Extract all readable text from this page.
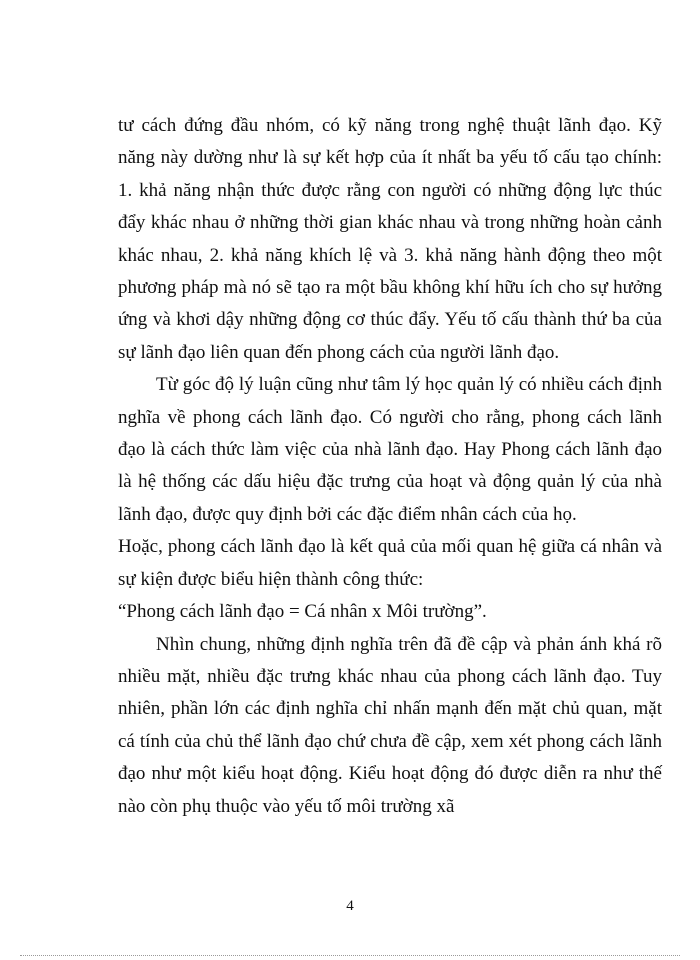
tư cách đứng đầu nhóm, có kỹ năng trong nghệ thuật lãnh đạo. Kỹ năng này dường như là sự kết hợp của ít nhất ba yếu tố cấu tạo chính: 1. khả năng nhận thức được rằng con người có những động lực thúc đẩy khác nhau ở những thời gian khác nhau và trong những hoàn cảnh khác nhau, 2. khả năng khích lệ và 3. khả năng hành động theo một phương pháp mà nó sẽ tạo ra một bầu không khí hữu ích cho sự hưởng ứng và khơi dậy những động cơ thúc đẩy. Yếu tố cấu thành thứ ba của sự lãnh đạo liên quan đến phong cách của người lãnh đạo.

Từ góc độ lý luận cũng như tâm lý học quản lý có nhiều cách định nghĩa về phong cách lãnh đạo. Có người cho rằng, phong cách lãnh đạo là cách thức làm việc của nhà lãnh đạo. Hay Phong cách lãnh đạo là hệ thống các dấu hiệu đặc trưng của hoạt và động quản lý của nhà lãnh đạo, được quy định bởi các đặc điểm nhân cách của họ.

Hoặc, phong cách lãnh đạo là kết quả của mối quan hệ giữa cá nhân và sự kiện được biểu hiện thành công thức:

“Phong cách lãnh đạo = Cá nhân x Môi trường”.

Nhìn chung, những định nghĩa trên đã đề cập và phản ánh khá rõ nhiều mặt, nhiều đặc trưng khác nhau của phong cách lãnh đạo. Tuy nhiên, phần lớn các định nghĩa chỉ nhấn mạnh đến mặt chủ quan, mặt cá tính của chủ thể lãnh đạo chứ chưa đề cập, xem xét phong cách lãnh đạo như một kiểu hoạt động. Kiểu hoạt động đó được diễn ra như thế nào còn phụ thuộc vào yếu tố môi trường xã

4
